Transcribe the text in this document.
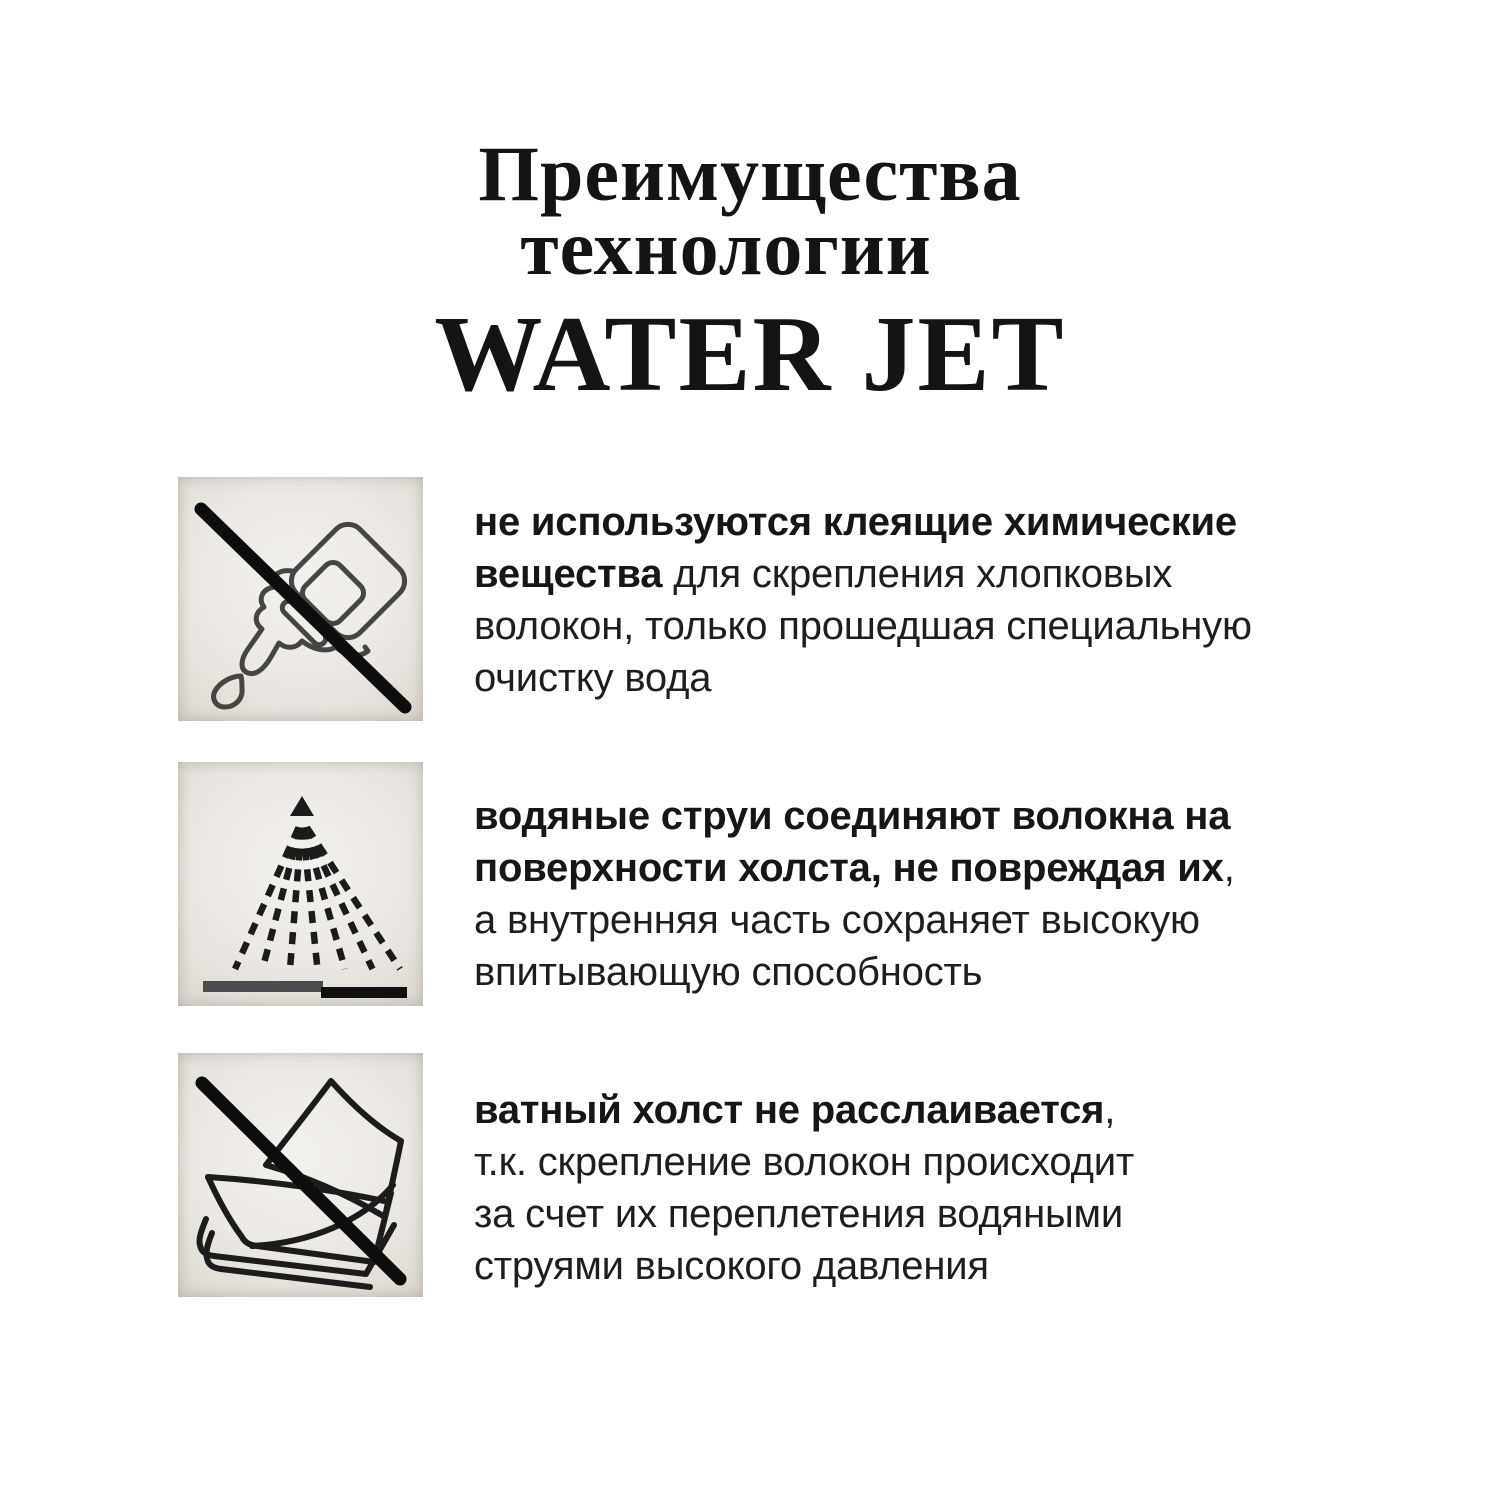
Преимущества
технологии
WATER JET
не используются клеящие химические
вещества для скрепления хлопковых
волокон, только прошедшая специальную
очистку вода
водяные струи соединяют волокна на
поверхности холста, не повреждая их,
а внутренняя часть сохраняет высокую
впитывающую способность
ватный холст не расслаивается,
т.к. скрепление волокон происходит
за счет их переплетения водяными
струями высокого давления
